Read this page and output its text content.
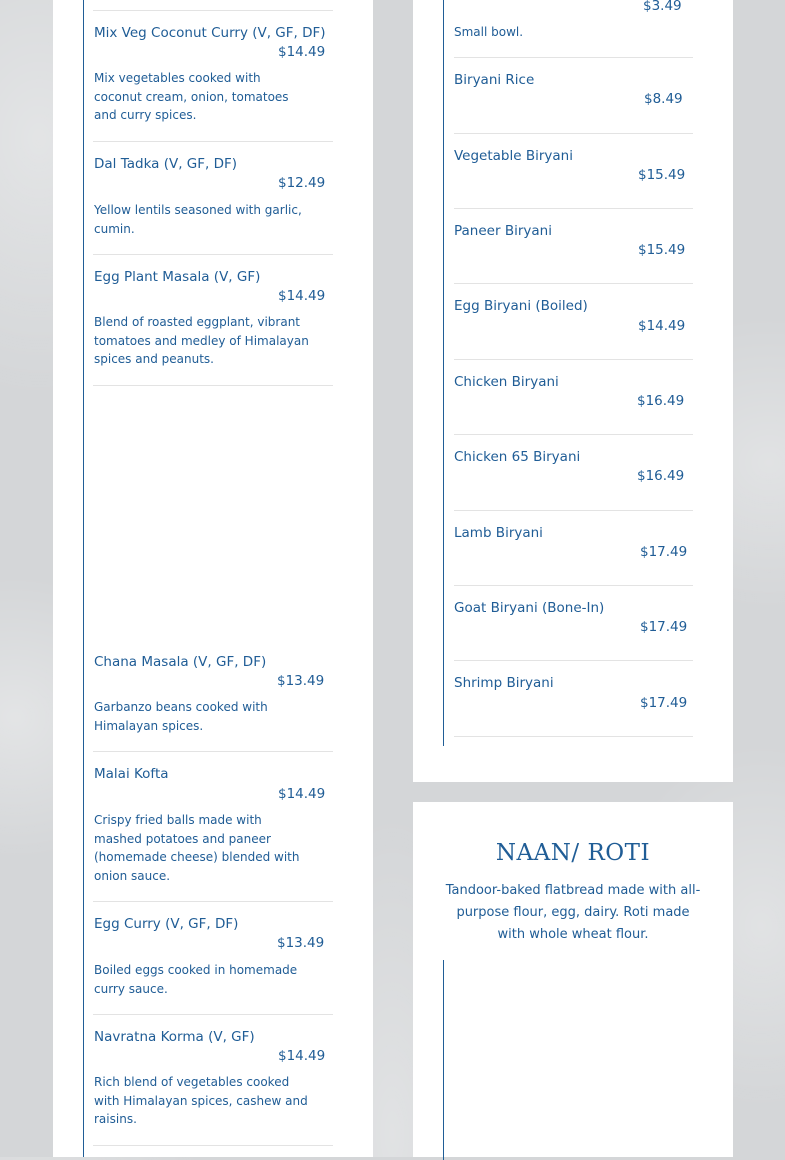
Mix Veg Coconut Curry (V, GF, DF)
$14.49
Mix vegetables cooked with coconut cream, onion, tomatoes and curry spices.
Dal Tadka (V, GF, DF)
$12.49
Yellow lentils seasoned with garlic, cumin.
Egg Plant Masala (V, GF)
$14.49
Blend of roasted eggplant, vibrant tomatoes and medley of Himalayan spices and peanuts.
Chana Masala (V, GF, DF)
$13.49
Garbanzo beans cooked with Himalayan spices.
Malai Kofta
$14.49
Crispy fried balls made with mashed potatoes and paneer (homemade cheese) blended with onion sauce.
Egg Curry (V, GF, DF)
$13.49
Boiled eggs cooked in homemade curry sauce.
Navratna Korma (V, GF)
$14.49
Rich blend of vegetables cooked with Himalayan spices, cashew and raisins.
$3.49
Small bowl.
Biryani Rice
$8.49
Vegetable Biryani
$15.49
Paneer Biryani
$15.49
Egg Biryani (Boiled)
$14.49
Chicken Biryani
$16.49
Chicken 65 Biryani
$16.49
Lamb Biryani
$17.49
Goat Biryani (Bone-In)
$17.49
Shrimp Biryani
$17.49
NAAN/ ROTI
Tandoor-baked flatbread made with all-purpose flour, egg, dairy. Roti made with whole wheat flour.
